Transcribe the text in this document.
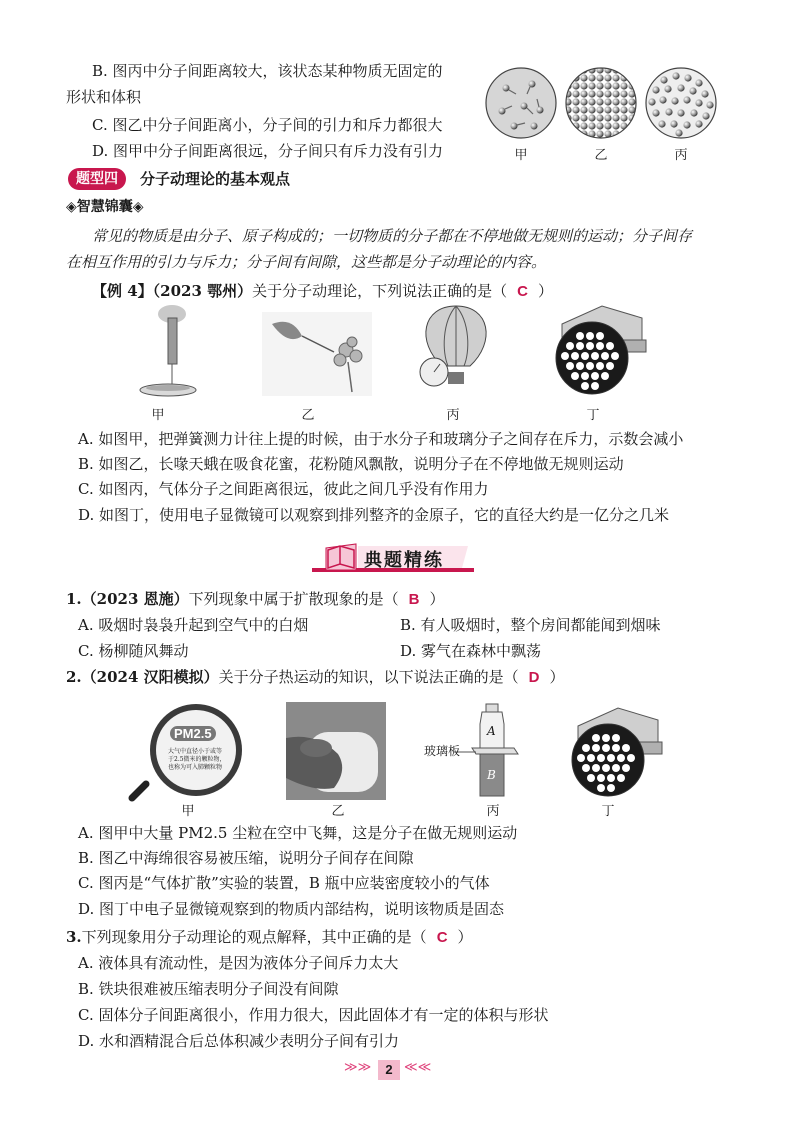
B. 图丙中分子间距离较大，该状态某种物质无固定的
形状和体积
C. 图乙中分子间距离小，分子间的引力和斥力都很大
D. 图甲中分子间距离很远，分子间只有斥力没有引力	甲	乙	丙
题型四	分子动理论的基本观点
◈智慧锦囊◈
常见的物质是由分子、原子构成的；一切物质的分子都在不停地做无规则的运动；分子间存
在相互作用的引力与斥力；分子间有间隙，这些都是分子动理论的内容。
【例 4】（2023 鄂州）关于分子动理论，下列说法正确的是（ C ）
甲	乙	丙	丁
A. 如图甲，把弹簧测力计往上提的时候，由于水分子和玻璃分子之间存在斥力，示数会减小
B. 如图乙，长喙天蛾在吸食花蜜，花粉随风飘散，说明分子在不停地做无规则运动
C. 如图丙，气体分子之间距离很远，彼此之间几乎没有作用力
D. 如图丁，使用电子显微镜可以观察到排列整齐的金原子，它的直径大约是一亿分之几米
典题精练
1.（2023 恩施）下列现象中属于扩散现象的是（ B ）
A. 吸烟时袅袅升起到空气中的白烟	B. 有人吸烟时，整个房间都能闻到烟味
C. 杨柳随风舞动	D. 雾气在森林中飘荡
2.（2024 汉阳模拟）关于分子热运动的知识，以下说法正确的是（ D ）
PM2.5
大气中直径小于或等于2.5微米的颗粒物，也称为可入肺颗粒物
玻璃板
A
B
甲	乙	丙	丁
A. 图甲中大量 PM2.5 尘粒在空中飞舞，这是分子在做无规则运动
B. 图乙中海绵很容易被压缩，说明分子间存在间隙
C. 图丙是“气体扩散”实验的装置，B 瓶中应装密度较小的气体
D. 图丁中电子显微镜观察到的物质内部结构，说明该物质是固态
3.下列现象用分子动理论的观点解释，其中正确的是（ C ）
A. 液体具有流动性，是因为液体分子间斥力太大
B. 铁块很难被压缩表明分子间没有间隙
C. 固体分子间距离很小，作用力很大，因此固体才有一定的体积与形状
D. 水和酒精混合后总体积减少表明分子间有引力
≫≫	2 ≪≪
